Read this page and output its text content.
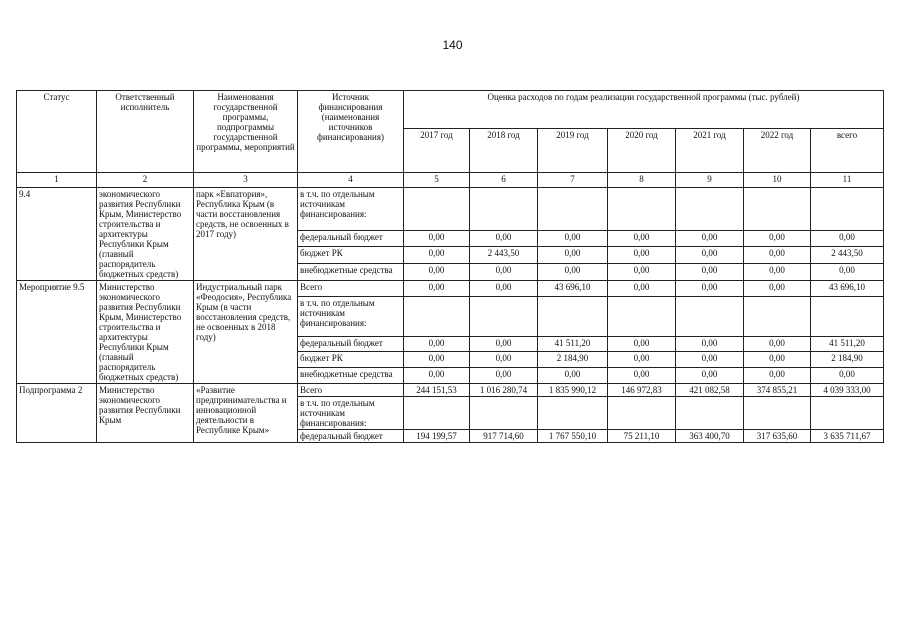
140
Статус	Ответственный исполнитель	Наименования государственной программы, подпрограммы государственной программы, мероприятий	Источник финансирования (наименования источников финансирования)	Оценка расходов по годам реализации государственной программы (тыс. рублей)						
				2017 год	2018 год	2019 год	2020 год	2021 год	2022 год	всего
1	2	3	4	5	6	7	8	9	10	11
9.4	экономического развития Республики Крым, Министерство строительства и архитектуры Республики Крым (главный распорядитель бюджетных средств)	парк «Евпатория», Республика Крым (в части восстановления средств, не освоенных в 2017 году)	в т.ч. по отдельным источникам финансирования:							
			федеральный бюджет	0,00	0,00	0,00	0,00	0,00	0,00	0,00
			бюджет РК	0,00	2 443,50	0,00	0,00	0,00	0,00	2 443,50
			внебюджетные средства	0,00	0,00	0,00	0,00	0,00	0,00	0,00
Мероприятие 9.5	Министерство экономического развития Республики Крым, Министерство строительства и архитектуры Республики Крым (главный распорядитель бюджетных средств)	Индустриальный парк «Феодосия», Республика Крым (в части восстановления средств, не освоенных в 2018 году)	Всего	0,00	0,00	43 696,10	0,00	0,00	0,00	43 696,10
			в т.ч. по отдельным источникам финансирования:							
			федеральный бюджет	0,00	0,00	41 511,20	0,00	0,00	0,00	41 511,20
			бюджет РК	0,00	0,00	2 184,90	0,00	0,00	0,00	2 184,90
			внебюджетные средства	0,00	0,00	0,00	0,00	0,00	0,00	0,00
Подпрограмма 2	Министерство экономического развития Республики Крым	«Развитие предпринимательства и инновационной деятельности в Республике Крым»	Всего	244 151,53	1 016 280,74	1 835 990,12	146 972,83	421 082,58	374 855,21	4 039 333,00
			в т.ч. по отдельным источникам финансирования:							
			федеральный бюджет	194 199,57	917 714,60	1 767 550,10	75 211,10	363 400,70	317 635,60	3 635 711,67
